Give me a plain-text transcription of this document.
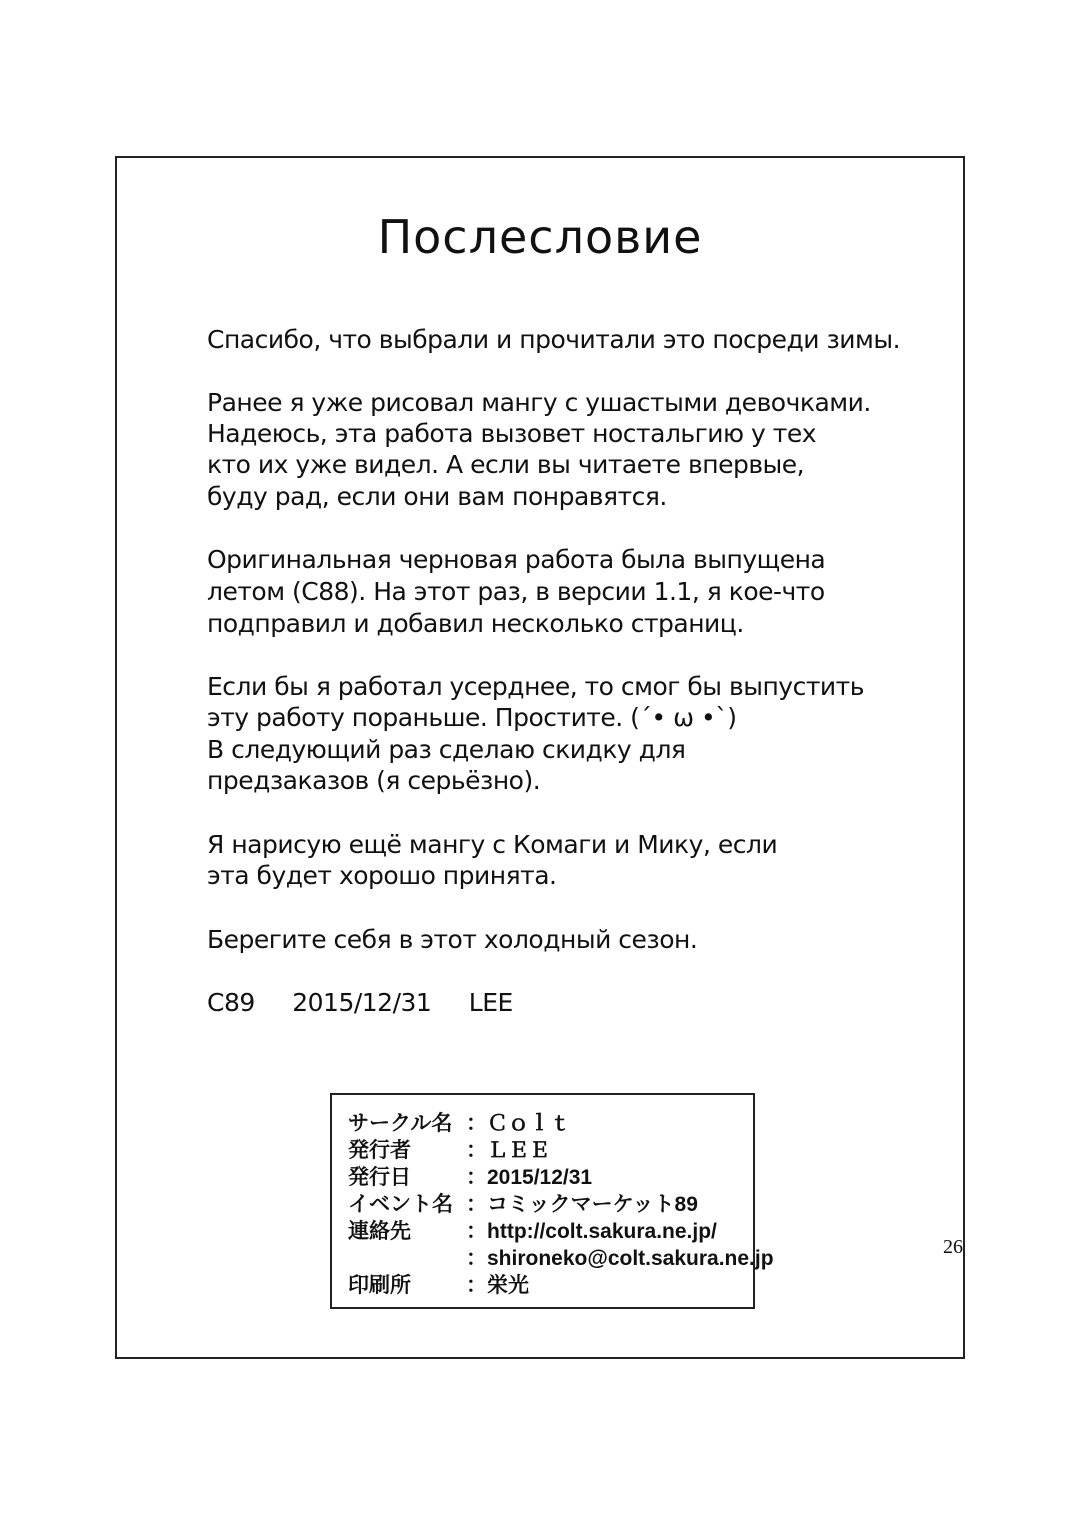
Послесловие
Спасибо, что выбрали и прочитали это посреди зимы.
Ранее я уже рисовал мангу с ушастыми девочками.
Надеюсь, эта работа вызовет ностальгию у тех
кто их уже видел. А если вы читаете впервые,
буду рад, если они вам понравятся.
Оригинальная черновая работа была выпущена
летом (C88). На этот раз, в версии 1.1, я кое-что
подправил и добавил несколько страниц.
Если бы я работал усерднее, то смог бы выпустить
эту работу пораньше. Простите. (´• ω •`)
В следующий раз сделаю скидку для
предзаказов (я серьёзно).
Я нарисую ещё мангу с Комаги и Мику, если
эта будет хорошо принята.
Берегите себя в этот холодный сезон.
C89 2015/12/31 LEE
サークル名 ：Ｃｏｌｔ
発行者	：ＬＥＥ
発行日	：2015/12/31
イベント名 ：コミックマーケット89
連絡先	：http://colt.sakura.ne.jp/
：shironeko@colt.sakura.ne.jp
印刷所	：栄光
26
